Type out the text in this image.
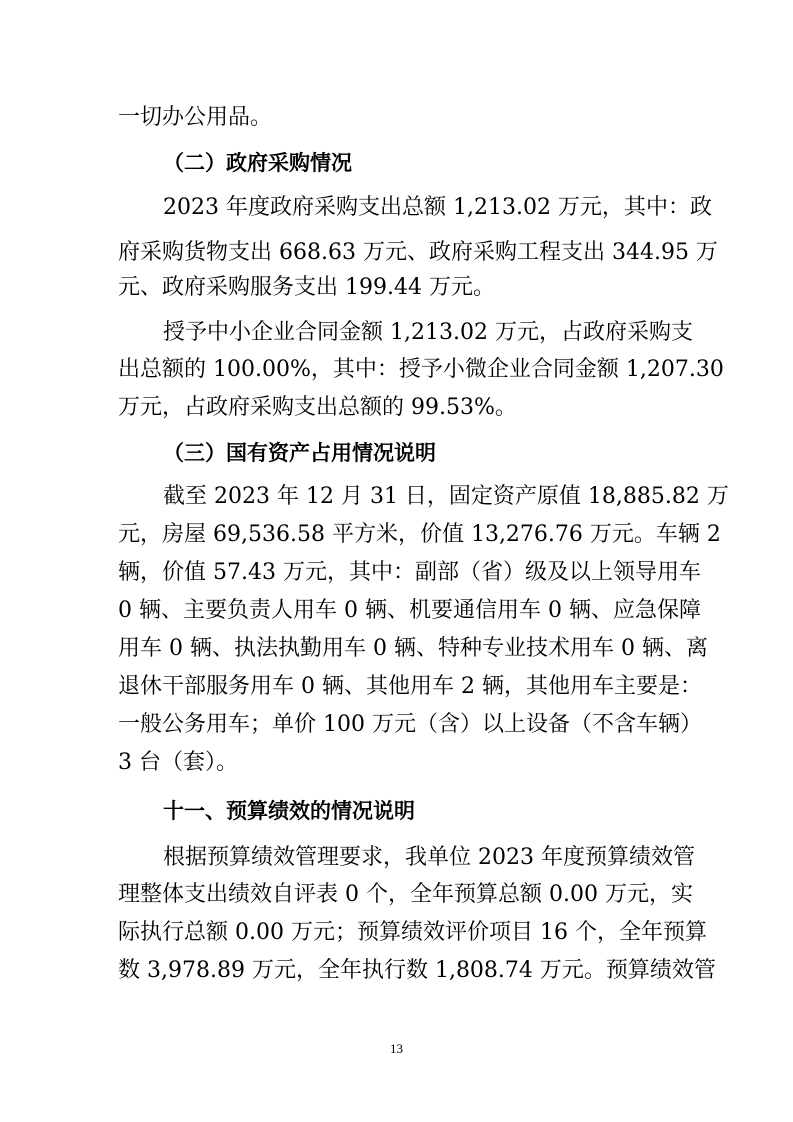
一切办公用品。
（二）政府采购情况
2023 年度政府采购支出总额 1,213.02 万元，其中：政
府采购货物支出 668.63 万元、政府采购工程支出 344.95 万
元、政府采购服务支出 199.44 万元。
授予中小企业合同金额 1,213.02 万元，占政府采购支
出总额的 100.00%，其中：授予小微企业合同金额 1,207.30
万元，占政府采购支出总额的 99.53%。
（三）国有资产占用情况说明
截至 2023 年 12 月 31 日，固定资产原值 18,885.82 万
元，房屋 69,536.58 平方米，价值 13,276.76 万元。车辆 2
辆，价值 57.43 万元，其中：副部（省）级及以上领导用车
0 辆、主要负责人用车 0 辆、机要通信用车 0 辆、应急保障
用车 0 辆、执法执勤用车 0 辆、特种专业技术用车 0 辆、离
退休干部服务用车 0 辆、其他用车 2 辆，其他用车主要是：
一般公务用车；单价 100 万元（含）以上设备（不含车辆）
3 台（套）。
十一、预算绩效的情况说明
根据预算绩效管理要求，我单位 2023 年度预算绩效管
理整体支出绩效自评表 0 个，全年预算总额 0.00 万元，实
际执行总额 0.00 万元；预算绩效评价项目 16 个，全年预算
数 3,978.89 万元，全年执行数 1,808.74 万元。预算绩效管
13
